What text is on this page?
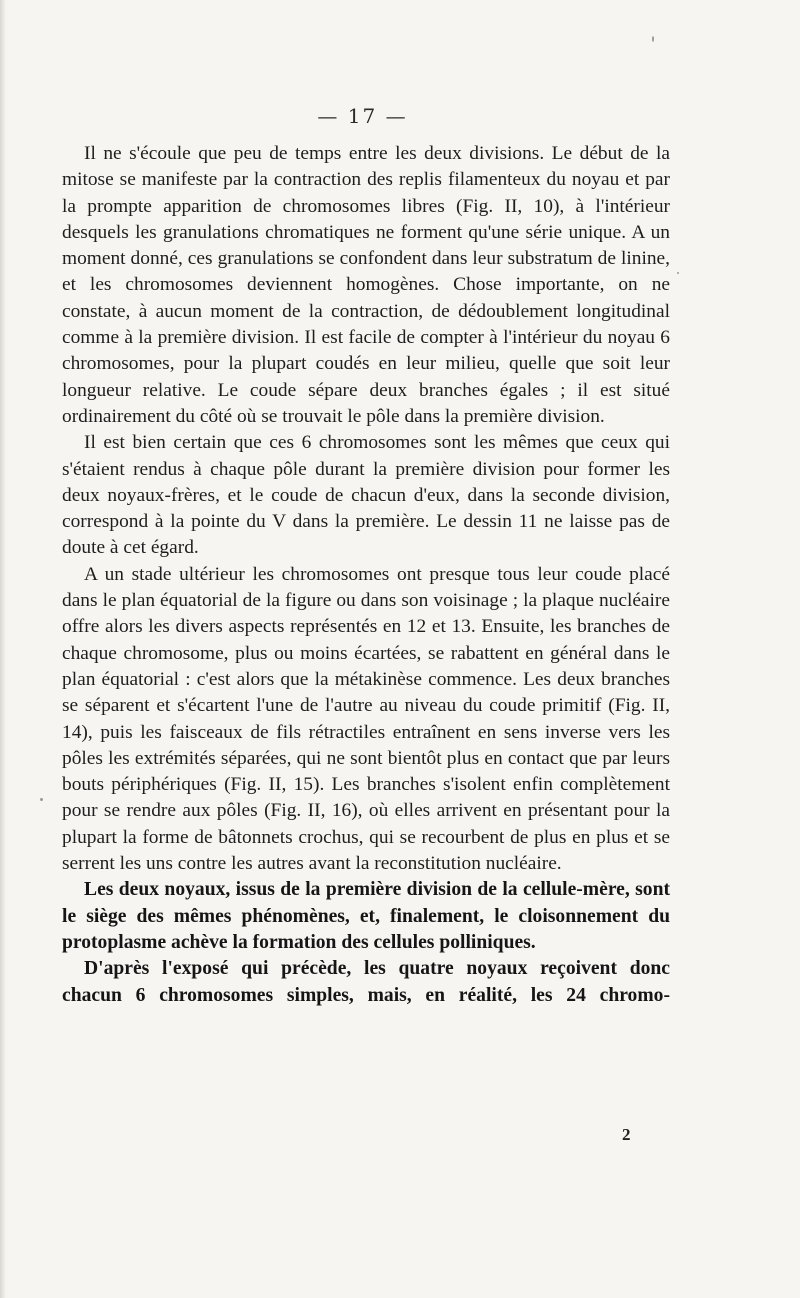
— 17 —

Il ne s'écoule que peu de temps entre les deux divisions. Le début de la mitose se manifeste par la contraction des replis filamenteux du noyau et par la prompte apparition de chromosomes libres (Fig. II, 10), à l'intérieur desquels les granulations chromatiques ne forment qu'une série unique. A un moment donné, ces granulations se confondent dans leur substratum de linine, et les chromosomes deviennent homogènes. Chose importante, on ne constate, à aucun moment de la contraction, de dédoublement longitudinal comme à la première division. Il est facile de compter à l'intérieur du noyau 6 chromosomes, pour la plupart coudés en leur milieu, quelle que soit leur longueur relative. Le coude sépare deux branches égales ; il est situé ordinairement du côté où se trouvait le pôle dans la première division.

Il est bien certain que ces 6 chromosomes sont les mêmes que ceux qui s'étaient rendus à chaque pôle durant la première division pour former les deux noyaux-frères, et le coude de chacun d'eux, dans la seconde division, correspond à la pointe du V dans la première. Le dessin 11 ne laisse pas de doute à cet égard.

A un stade ultérieur les chromosomes ont presque tous leur coude placé dans le plan équatorial de la figure ou dans son voisinage ; la plaque nucléaire offre alors les divers aspects représentés en 12 et 13. Ensuite, les branches de chaque chromosome, plus ou moins écartées, se rabattent en général dans le plan équatorial : c'est alors que la métakinèse commence. Les deux branches se séparent et s'écartent l'une de l'autre au niveau du coude primitif (Fig. II, 14), puis les faisceaux de fils rétractiles entraînent en sens inverse vers les pôles les extrémités séparées, qui ne sont bientôt plus en contact que par leurs bouts périphériques (Fig. II, 15). Les branches s'isolent enfin complètement pour se rendre aux pôles (Fig. II, 16), où elles arrivent en présentant pour la plupart la forme de bâtonnets crochus, qui se recourbent de plus en plus et se serrent les uns contre les autres avant la reconstitution nucléaire.

Les deux noyaux, issus de la première division de la cellule-mère, sont le siège des mêmes phénomènes, et, finalement, le cloisonnement du protoplasme achève la formation des cellules polliniques.

D'après l'exposé qui précède, les quatre noyaux reçoivent donc chacun 6 chromosomes simples, mais, en réalité, les 24 chromo-

2
